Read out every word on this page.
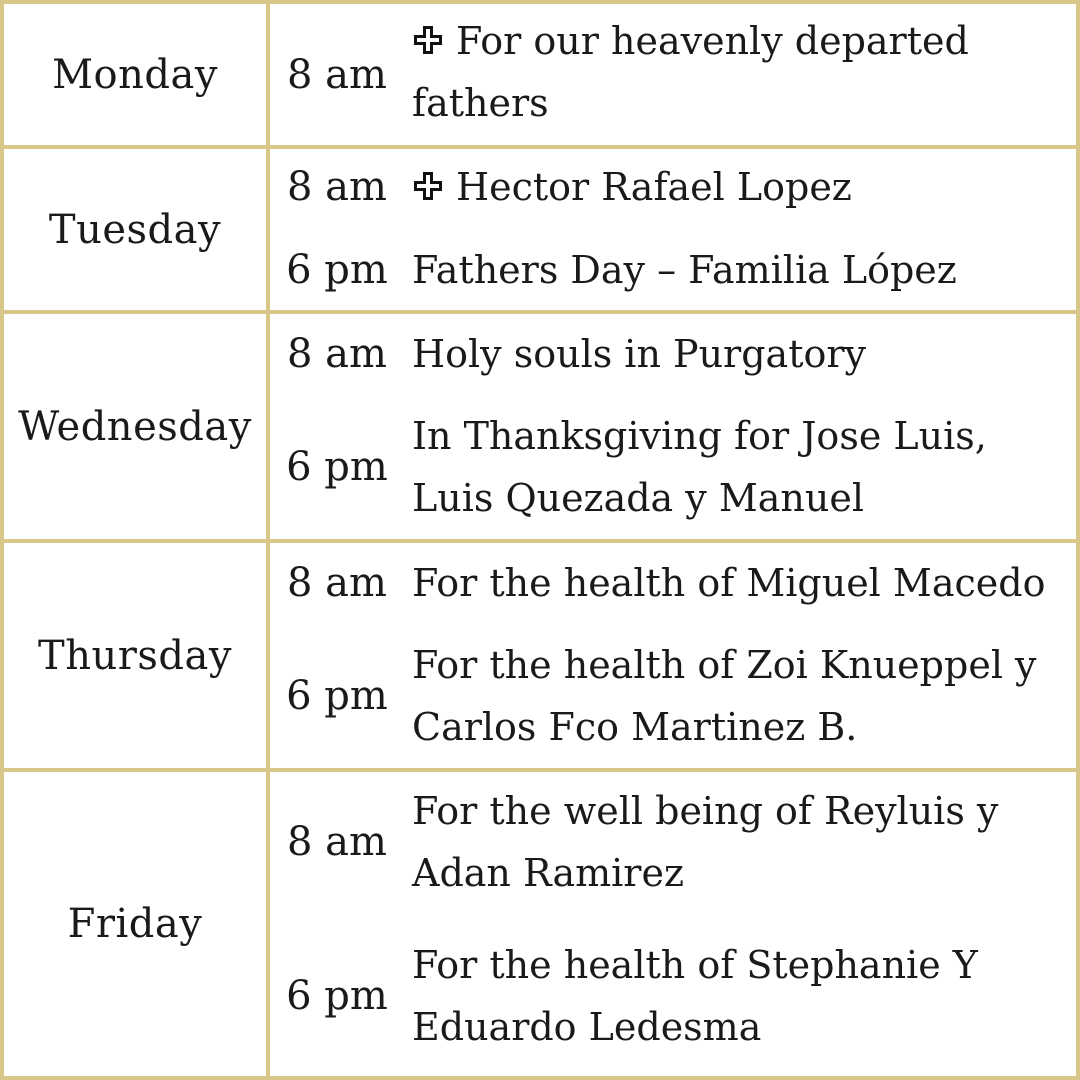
Monday	8 am
For our heavenly departed
fathers
Tuesday
8 am	Hector Rafael Lopez
6 pm Fathers Day – Familia López
Wednesday
8 am Holy souls in Purgatory
6 pm
In Thanksgiving for Jose Luis,
Luis Quezada y Manuel
Thursday
8 am For the health of Miguel Macedo
6 pm
For the health of Zoi Knueppel y
Carlos Fco Martinez B.
Friday
8 am
For the well being of Reyluis y
Adan Ramirez
6 pm
For the health of Stephanie Y
Eduardo Ledesma
